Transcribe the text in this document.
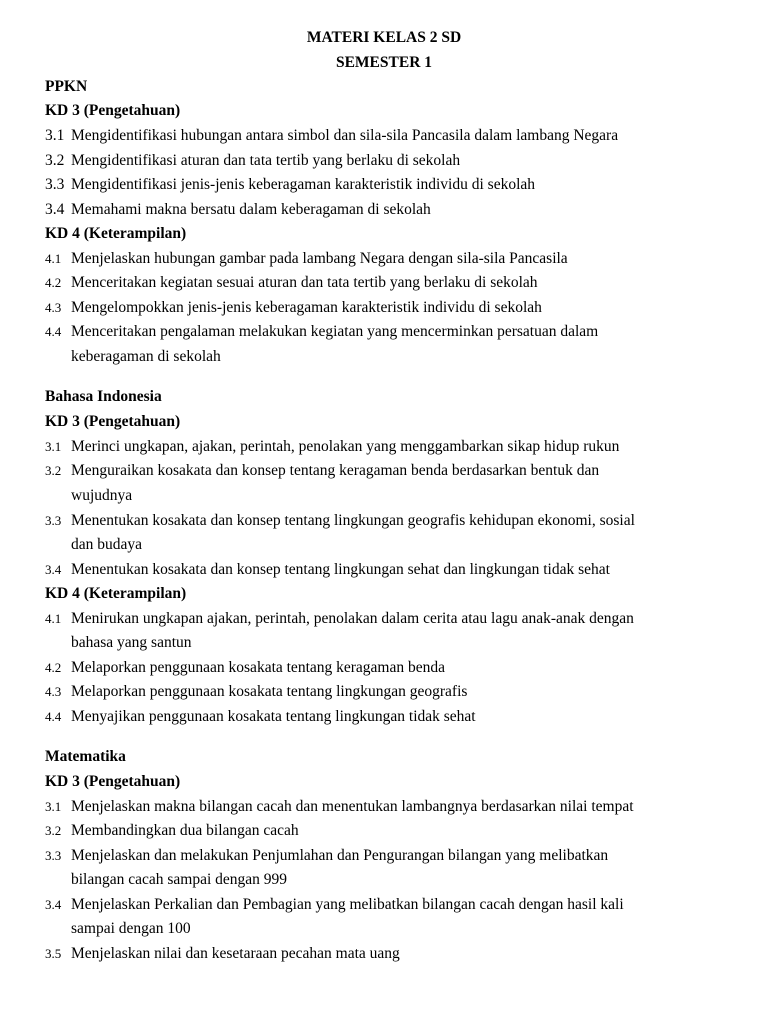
MATERI KELAS 2 SD
SEMESTER 1
PPKN
KD 3 (Pengetahuan)
3.1 Mengidentifikasi hubungan antara simbol dan sila-sila Pancasila dalam lambang Negara
3.2 Mengidentifikasi aturan dan tata tertib yang berlaku di sekolah
3.3 Mengidentifikasi jenis-jenis keberagaman karakteristik individu di sekolah
3.4 Memahami makna bersatu dalam keberagaman di sekolah
KD 4 (Keterampilan)
4.1 Menjelaskan hubungan gambar pada lambang Negara dengan sila-sila Pancasila
4.2 Menceritakan kegiatan sesuai aturan dan tata tertib yang berlaku di sekolah
4.3 Mengelompokkan jenis-jenis keberagaman karakteristik individu di sekolah
4.4 Menceritakan pengalaman melakukan kegiatan yang mencerminkan persatuan dalam
keberagaman di sekolah
Bahasa Indonesia
KD 3 (Pengetahuan)
3.1 Merinci ungkapan, ajakan, perintah, penolakan yang menggambarkan sikap hidup rukun
3.2 Menguraikan kosakata dan konsep tentang keragaman benda berdasarkan bentuk dan
wujudnya
3.3 Menentukan kosakata dan konsep tentang lingkungan geografis kehidupan ekonomi, sosial
dan budaya
3.4 Menentukan kosakata dan konsep tentang lingkungan sehat dan lingkungan tidak sehat
KD 4 (Keterampilan)
4.1 Menirukan ungkapan ajakan, perintah, penolakan dalam cerita atau lagu anak-anak dengan
bahasa yang santun
4.2 Melaporkan penggunaan kosakata tentang keragaman benda
4.3 Melaporkan penggunaan kosakata tentang lingkungan geografis
4.4 Menyajikan penggunaan kosakata tentang lingkungan tidak sehat
Matematika
KD 3 (Pengetahuan)
3.1 Menjelaskan makna bilangan cacah dan menentukan lambangnya berdasarkan nilai tempat
3.2 Membandingkan dua bilangan cacah
3.3 Menjelaskan dan melakukan Penjumlahan dan Pengurangan bilangan yang melibatkan
bilangan cacah sampai dengan 999
3.4 Menjelaskan Perkalian dan Pembagian yang melibatkan bilangan cacah dengan hasil kali
sampai dengan 100
3.5 Menjelaskan nilai dan kesetaraan pecahan mata uang
